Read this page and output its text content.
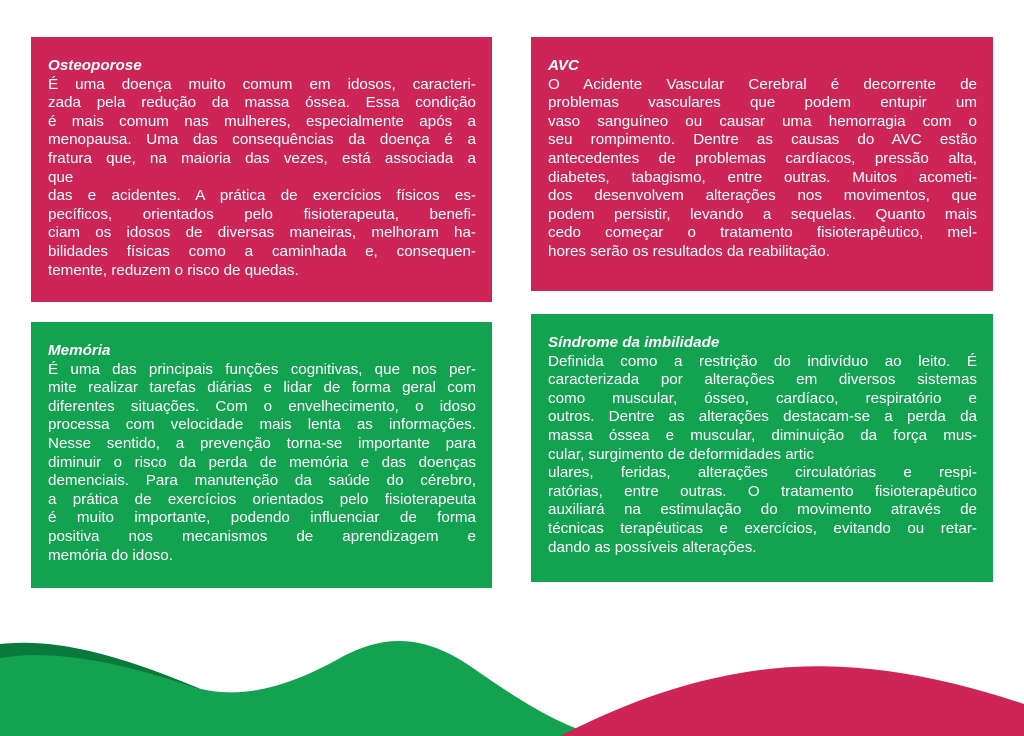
Osteoporose
É uma doença muito comum em idosos, caracteri-
zada pela redução da massa óssea. Essa condição
é mais comum nas mulheres, especialmente após a
menopausa. Uma das consequências da doença é a
fratura que, na maioria das vezes, está associada a
que
das e acidentes. A prática de exercícios físicos es-
pecíficos, orientados pelo fisioterapeuta, benefi-
ciam os idosos de diversas maneiras, melhoram ha-
bilidades físicas como a caminhada e, consequen-
temente, reduzem o risco de quedas.
AVC
O Acidente Vascular Cerebral é decorrente de
problemas vasculares que podem entupir um
vaso sanguíneo ou causar uma hemorragia com o
seu rompimento. Dentre as causas do AVC estão
antecedentes de problemas cardíacos, pressão alta,
diabetes, tabagismo, entre outras. Muitos acometi-
dos desenvolvem alterações nos movimentos, que
podem persistir, levando a sequelas. Quanto mais
cedo começar o tratamento fisioterapêutico, mel-
hores serão os resultados da reabilitação.
Memória
É uma das principais funções cognitivas, que nos per-
mite realizar tarefas diárias e lidar de forma geral com
diferentes situações. Com o envelhecimento, o idoso
processa com velocidade mais lenta as informações.
Nesse sentido, a prevenção torna-se importante para
diminuir o risco da perda de memória e das doenças
demenciais. Para manutenção da saúde do cérebro,
a prática de exercícios orientados pelo fisioterapeuta
é muito importante, podendo influenciar de forma
positiva nos mecanismos de aprendizagem e
memória do idoso.
Síndrome da imbilidade
Definida como a restrição do indivíduo ao leito. É
caracterizada por alterações em diversos sistemas
como muscular, ósseo, cardíaco, respiratório e
outros. Dentre as alterações destacam-se a perda da
massa óssea e muscular, diminuição da força mus-
cular, surgimento de deformidades artic
ulares, feridas, alterações circulatórias e respi-
ratórias, entre outras. O tratamento fisioterapêutico
auxiliará na estimulação do movimento através de
técnicas terapêuticas e exercícios, evitando ou retar-
dando as possíveis alterações.
